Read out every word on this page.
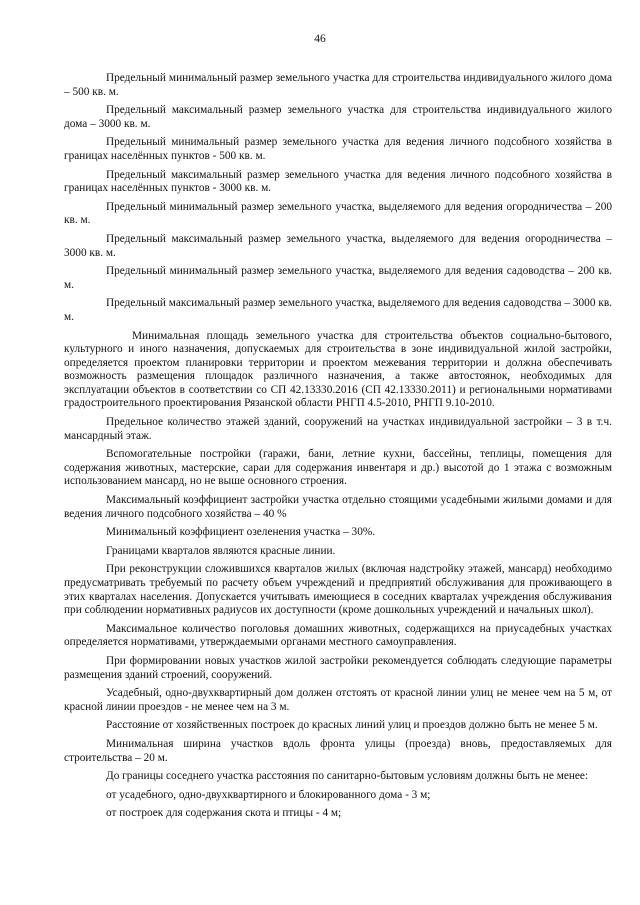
46

Предельный минимальный размер земельного участка для строительства индивидуального жилого дома – 500 кв. м.

Предельный максимальный размер земельного участка для строительства индивидуального жилого дома – 3000 кв. м.

Предельный минимальный размер земельного участка для ведения личного подсобного хозяйства в границах населённых пунктов - 500 кв. м.

Предельный максимальный размер земельного участка для ведения личного подсобного хозяйства в границах населённых пунктов - 3000 кв. м.

Предельный минимальный размер земельного участка, выделяемого для ведения огородничества – 200 кв. м.

Предельный максимальный размер земельного участка, выделяемого для ведения огородничества – 3000 кв. м.

Предельный минимальный размер земельного участка, выделяемого для ведения садоводства – 200 кв. м.

Предельный максимальный размер земельного участка, выделяемого для ведения садоводства – 3000 кв. м.

Минимальная площадь земельного участка для строительства объектов социально-бытового, культурного и иного назначения, допускаемых для строительства в зоне индивидуальной жилой застройки, определяется проектом планировки территории и проектом межевания территории и должна обеспечивать возможность размещения площадок различного назначения, а также автостоянок, необходимых для эксплуатации объектов в соответствии со СП 42.13330.2016 (СП 42.13330.2011) и региональными нормативами градостроительного проектирования Рязанской области РНГП 4.5-2010, РНГП 9.10-2010.

Предельное количество этажей зданий, сооружений на участках индивидуальной застройки – 3 в т.ч. мансардный этаж.

Вспомогательные постройки (гаражи, бани, летние кухни, бассейны, теплицы, помещения для содержания животных, мастерские, сараи для содержания инвентаря и др.) высотой до 1 этажа с возможным использованием мансард, но не выше основного строения.

Максимальный коэффициент застройки участка отдельно стоящими усадебными жилыми домами и для ведения личного подсобного хозяйства – 40 %

Минимальный коэффициент озеленения участка – 30%.

Границами кварталов являются красные линии.

При реконструкции сложившихся кварталов жилых (включая надстройку этажей, мансард) необходимо предусматривать требуемый по расчету объем учреждений и предприятий обслуживания для проживающего в этих кварталах населения. Допускается учитывать имеющиеся в соседних кварталах учреждения обслуживания при соблюдении нормативных радиусов их доступности (кроме дошкольных учреждений и начальных школ).

Максимальное количество поголовья домашних животных, содержащихся на приусадебных участках определяется нормативами, утверждаемыми органами местного самоуправления.

При формировании новых участков жилой застройки рекомендуется соблюдать следующие параметры размещения зданий строений, сооружений.

Усадебный, одно-двухквартирный дом должен отстоять от красной линии улиц не менее чем на 5 м, от красной линии проездов - не менее чем на 3 м.

Расстояние от хозяйственных построек до красных линий улиц и проездов должно быть не менее 5 м.

Минимальная ширина участков вдоль фронта улицы (проезда) вновь, предоставляемых для строительства – 20 м.

До границы соседнего участка расстояния по санитарно-бытовым условиям должны быть не менее:

от усадебного, одно-двухквартирного и блокированного дома - 3 м;

от построек для содержания скота и птицы - 4 м;
